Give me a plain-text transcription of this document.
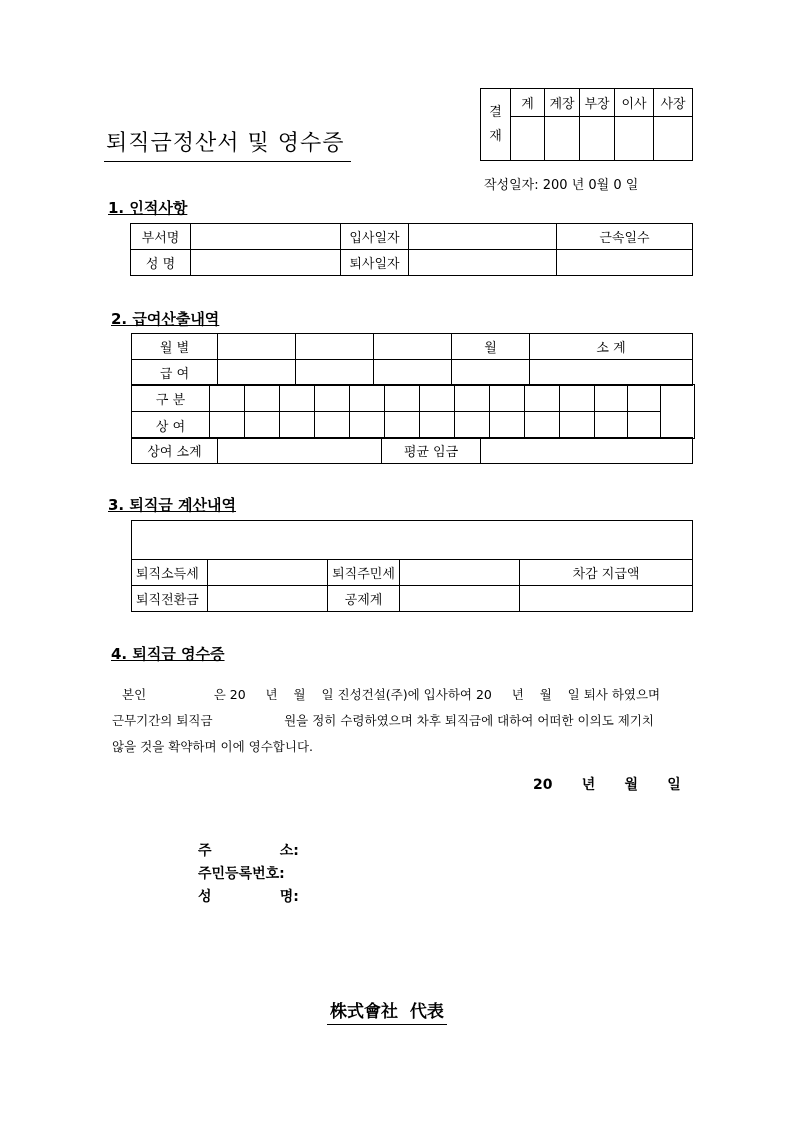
퇴직금정산서 및 영수증
결
재	계	계장	부장	이사	사장

작성일자: 200 년 0월 0 일
1. 인적사항
부서명		입사일자		근속일수
성 명		퇴사일자		
2. 급여산출내역
월 별				월	소 계
급 여					
구 분														
상 여														
상여 소계		평균 임금	
3. 퇴직금 계산내역

퇴직소득세		퇴직주민세		차감 지급액
퇴직전환금		공제계		
4. 퇴직금 영수증
본인                 은 20     년    월    일 진성건설(주)에 입사하여 20     년    월    일 퇴사 하였으며
근무기간의 퇴직금                  원을 정히 수령하였으며 차후 퇴직금에 대하여 어떠한 이의도 제기치
않을 것을 확약하며 이에 영수합니다.
20      년      월      일
주              소:
주민등록번호:
성              명:
株式會社  代表
